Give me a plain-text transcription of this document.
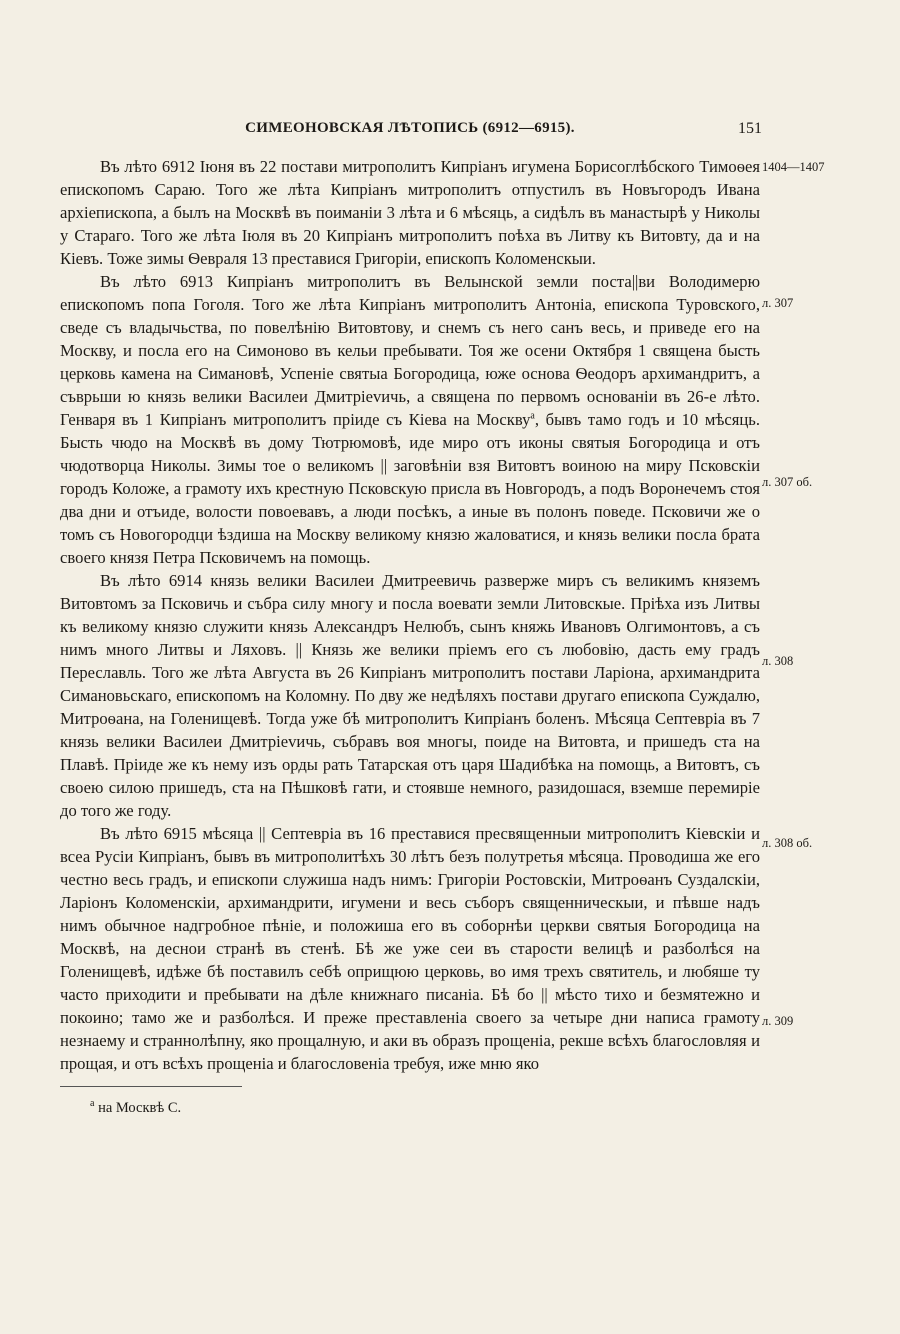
СИМЕОНОВСКАЯ ЛѢТОПИСЬ (6912—6915).	151

Въ лѣто 6912 Іюня въ 22 постави митрополитъ Кипріанъ игумена Борисоглѣбского Тимоѳея епископомъ Сараю. Того же лѣта Кипріанъ митрополитъ отпустилъ въ Новъгородъ Ивана архіепископа, а былъ на Москвѣ въ поиманіи 3 лѣта и 6 мѣсяць, а сидѣлъ въ манастырѣ у Николы у Стараго. Того же лѣта Іюля въ 20 Кипріанъ митрополитъ поѣха въ Литву къ Витовту, да и на Кіевъ. Тоже зимы Ѳевраля 13 преставися Григоріи, епископъ Коломенскыи.

Въ лѣто 6913 Кипріанъ митрополитъ въ Велынской земли поста||ви Володимерю епископомъ попа Гоголя. Того же лѣта Кипріанъ митрополитъ Антоніа, епископа Туровского, сведе съ владычьства, по повелѣнію Витовтову, и снемъ съ него санъ весь, и приведе его на Москву, и посла его на Симоново въ кельи пребывати. Тоя же осени Октября 1 священа бысть церковь камена на Симановѣ, Успеніе святыа Богородица, юже основа Ѳеодоръ архимандритъ, а съврьши ю князь велики Василеи Дмитрievичь, а священа по первомъ основаніи въ 26-е лѣто. Генваря въ 1 Кипріанъ митрополитъ пріиде съ Кіева на Москву$^а$, бывъ тамо годъ и 10 мѣсяць. Бысть чюдо на Москвѣ въ дому Тютрюмовѣ, иде миро отъ иконы святыя Богородица и отъ чюдотворца Николы. Зимы тое о великомъ || заговѣніи взя Витовтъ воиною на миру Псковскіи городъ Коложе, а грамоту ихъ крестную Псковскую присла въ Новгородъ, а подъ Воронечемъ стоя два дни и отъиде, волости повоевавъ, а люди посѣкъ, а иные въ полонъ поведе. Псковичи же о томъ съ Новогородци ѣздиша на Москву великому князю жаловатися, и князь велики посла брата своего князя Петра Псковичемъ на помощь.

Въ лѣто 6914 князь велики Василеи Дмитреевичь разверже миръ съ великимъ княземъ Витовтомъ за Псковичь и събра силу многу и посла воевати земли Литовскые. Пріѣха изъ Литвы къ великому князю служити князь Александръ Нелюбъ, сынъ княжь Ивановъ Олгимонтовъ, а съ нимъ много Литвы и Ляховъ. || Князь же велики пріемъ его съ любовію, дасть ему градъ Переславль. Того же лѣта Августа въ 26 Кипріанъ митрополитъ постави Ларіона, архимандрита Симановьскаго, епископомъ на Коломну. По дву же недѣляхъ постави другаго епископа Суждалю, Митроѳана, на Голенищевѣ. Тогда уже бѣ митрополитъ Кипріанъ боленъ. Мѣсяца Септевріа въ 7 князь велики Василеи Дмитрievичь, събравъ воя многы, поиде на Витовта, и пришедъ ста на Плавѣ. Пріиде же къ нему изъ орды рать Татарская отъ царя Шадибѣка на помощь, а Витовтъ, съ своею силою пришедъ, ста на Пѣшковѣ гати, и стоявше немного, разидошася, вземше перемиріе до того же году.

Въ лѣто 6915 мѣсяца || Септевріа въ 16 преставися пресвященныи митрополитъ Кіевскіи и всеа Русіи Кипріанъ, бывъ въ митрополитѣхъ 30 лѣтъ безъ полутретья мѣсяца. Проводиша же его честно весь градъ, и епископи служиша надъ нимъ: Григоріи Ростовскіи, Митроѳанъ Суздалскіи, Ларіонъ Коломенскіи, архимандрити, игумени и весь съборъ священническыи, и пѣвше надъ нимъ обычное надгробное пѣніе, и положиша его въ соборнѣи церкви святыя Богородица на Москвѣ, на деснои странѣ въ стенѣ. Бѣ же уже сеи въ старости велицѣ и разболѣся на Голенищевѣ, идѣже бѣ поставилъ себѣ оприщюю церковь, во имя трехъ святитель, и любяше ту часто приходити и пребывати на дѣле книжнаго писаніа. Бѣ бо || мѣсто тихо и безмятежно и покоино; тамо же и разболѣся. И преже преставленіа своего за четыре дни написа грамоту незнаему и страннолѣпну, яко прощалную, и аки въ образъ прощеніа, рекше всѣхъ благословляя и прощая, и отъ всѣхъ прощеніа и благословеніа требуя, иже мню яко

1404—1407
л. 307
л. 307 об.
л. 308
л. 308 об.
л. 309
$^а$ на Москвѣ С.
